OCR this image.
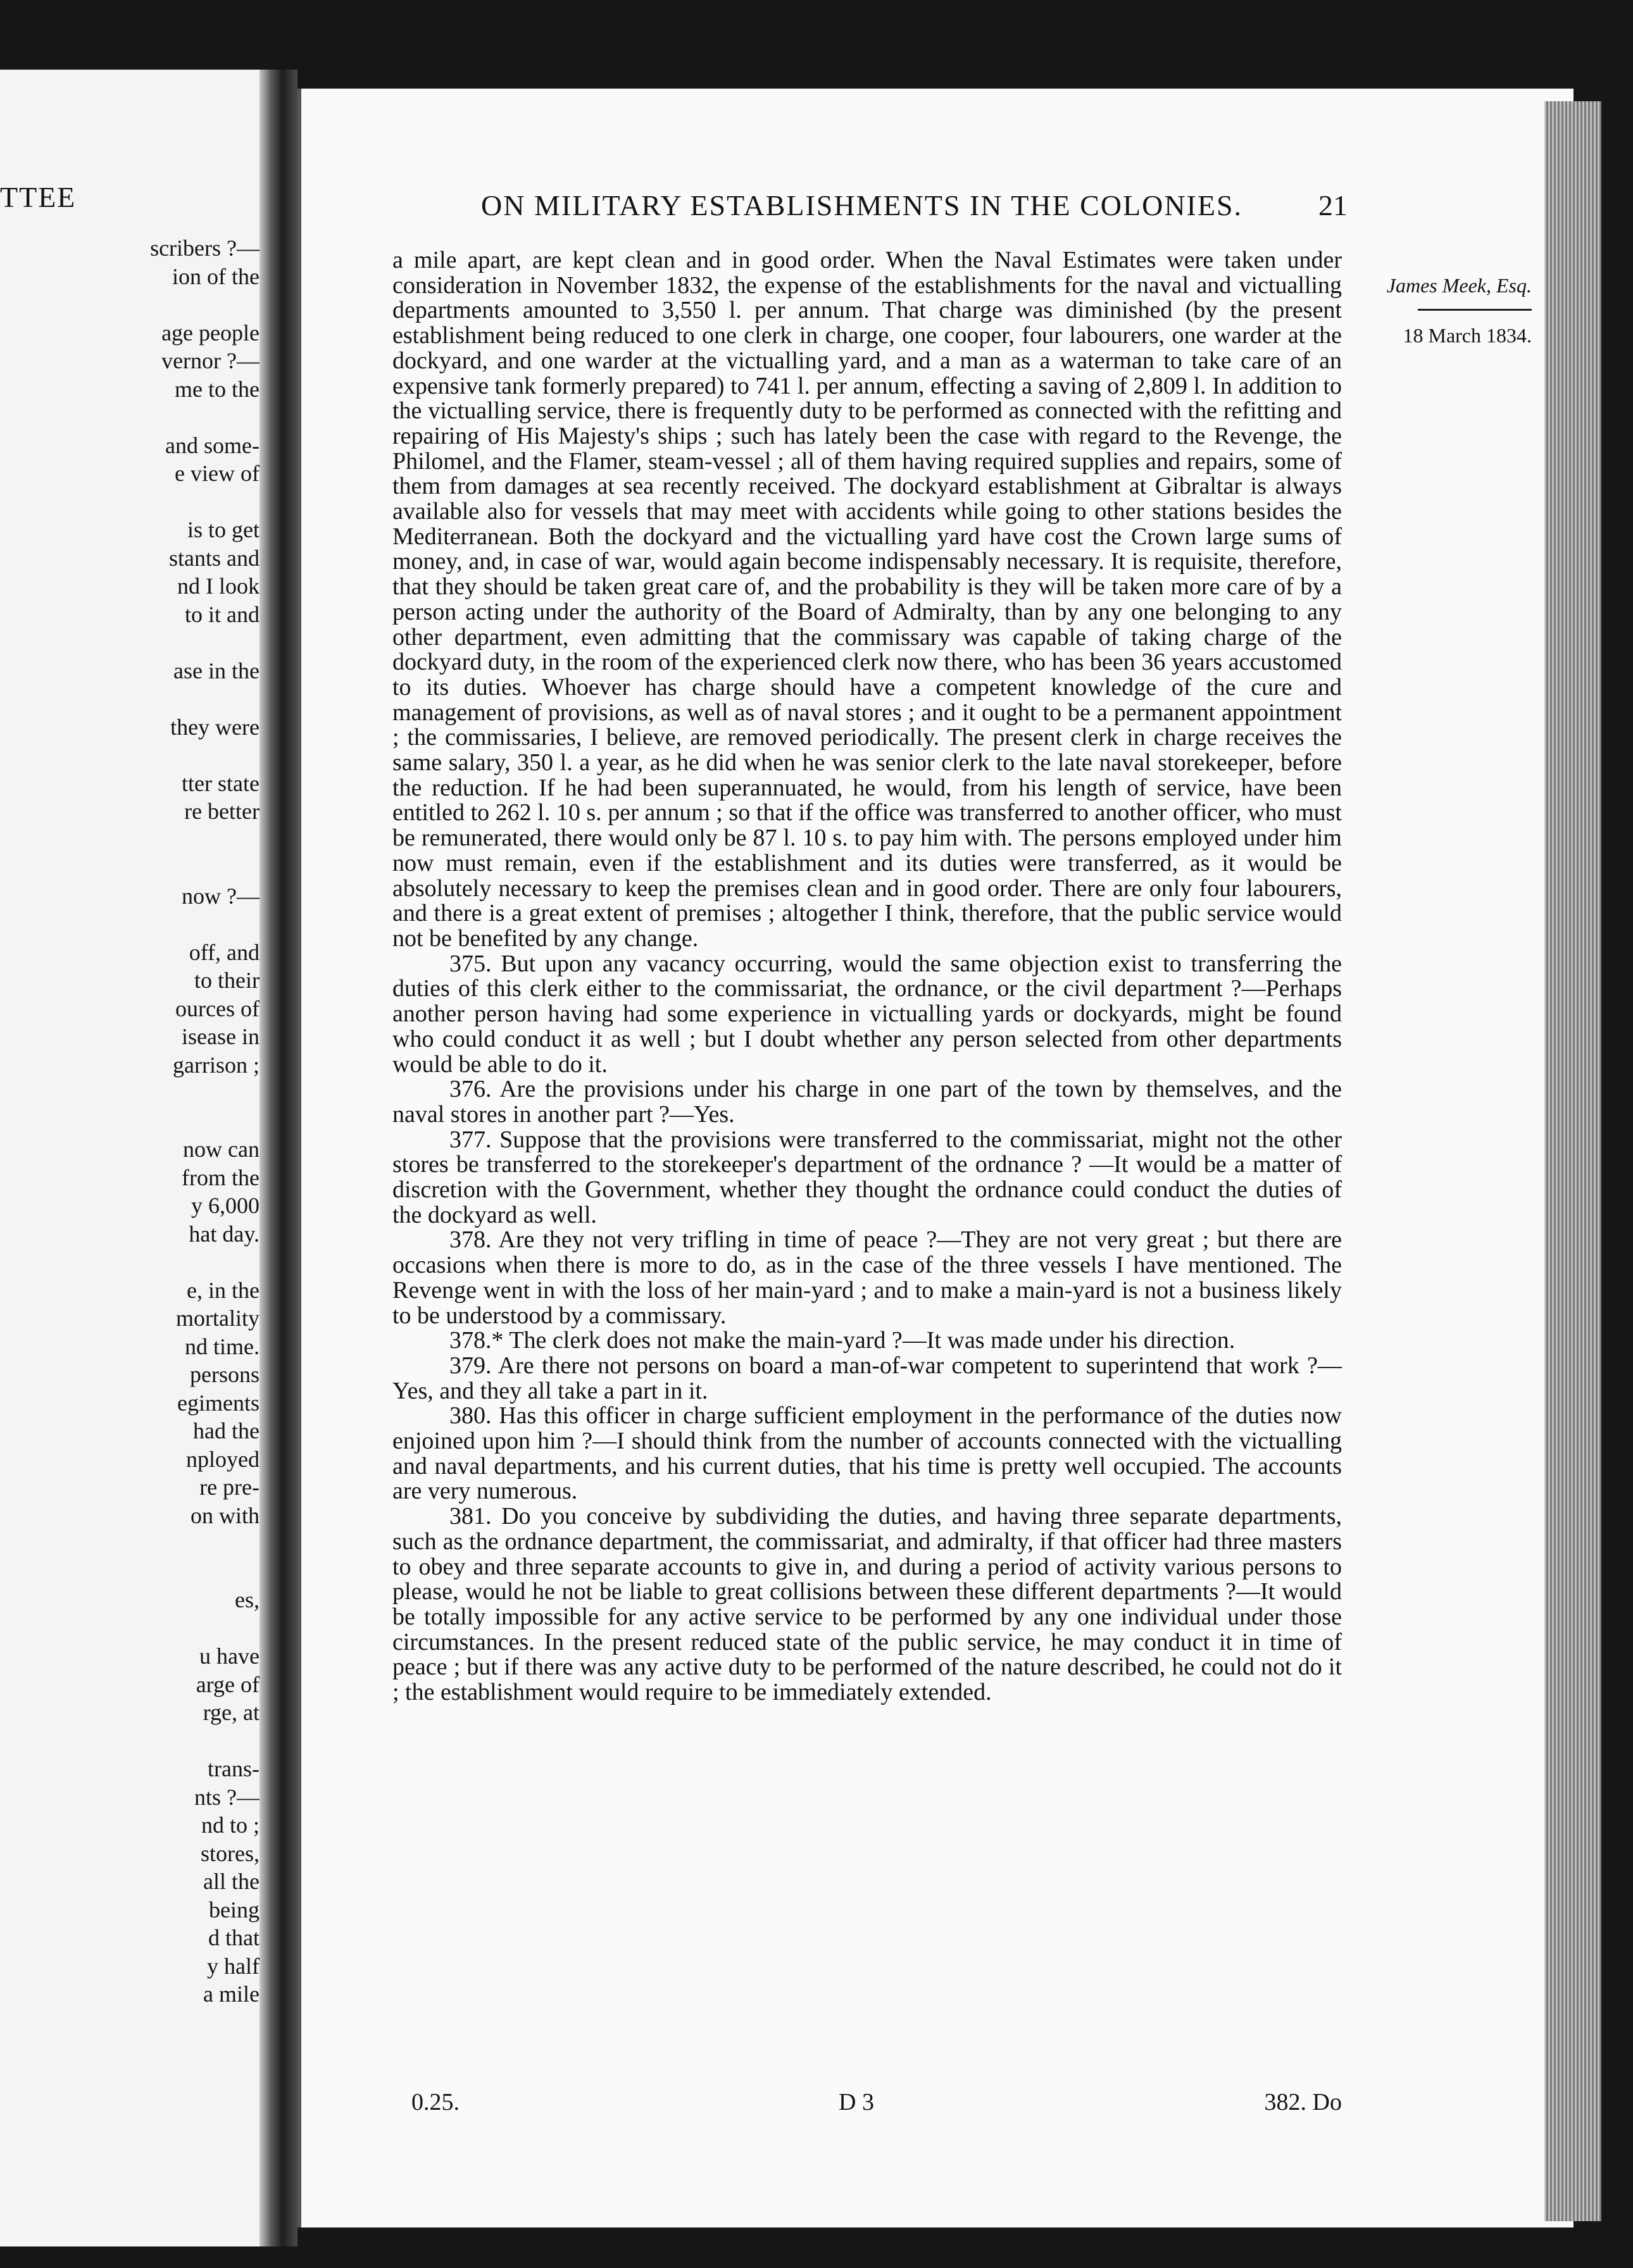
TTEE
scribers ?—
ion of the
age people
vernor ?—
me to the
and some-
e view of
is to get
stants and
nd I look
to it and
ase in the
they were
tter state
re better
now ?—
off, and
to their
ources of
isease in
garrison ;
now can
from the
y 6,000
hat day.
e, in the
mortality
nd time.
persons
egiments
had the
nployed
re pre-
on with
es,
u have
arge of
rge, at
trans-
nts ?—
nd to ;
stores,
all the
being
d that
y half
a mile
ON MILITARY ESTABLISHMENTS IN THE COLONIES.	21
James Meek, Esq.
18 March 1834.

a mile apart, are kept clean and in good order. When the Naval Estimates were taken under consideration in November 1832, the expense of the establishments for the naval and victualling departments amounted to 3,550 l. per annum. That charge was diminished (by the present establishment being reduced to one clerk in charge, one cooper, four labourers, one warder at the dockyard, and one warder at the victualling yard, and a man as a waterman to take care of an expensive tank formerly prepared) to 741 l. per annum, effecting a saving of 2,809 l. In addition to the victualling service, there is frequently duty to be performed as connected with the refitting and repairing of His Majesty's ships ; such has lately been the case with regard to the Revenge, the Philomel, and the Flamer, steam-vessel ; all of them having required supplies and repairs, some of them from damages at sea recently received. The dockyard establishment at Gibraltar is always available also for vessels that may meet with accidents while going to other stations besides the Mediterranean. Both the dockyard and the victualling yard have cost the Crown large sums of money, and, in case of war, would again become indispensably necessary. It is requisite, therefore, that they should be taken great care of, and the probability is they will be taken more care of by a person acting under the authority of the Board of Admiralty, than by any one belonging to any other department, even admitting that the commissary was capable of taking charge of the dockyard duty, in the room of the experienced clerk now there, who has been 36 years accustomed to its duties. Whoever has charge should have a competent knowledge of the cure and management of provisions, as well as of naval stores ; and it ought to be a permanent appointment ; the commissaries, I believe, are removed periodically. The present clerk in charge receives the same salary, 350 l. a year, as he did when he was senior clerk to the late naval storekeeper, before the reduction. If he had been superannuated, he would, from his length of service, have been entitled to 262 l. 10 s. per annum ; so that if the office was transferred to another officer, who must be remunerated, there would only be 87 l. 10 s. to pay him with. The persons employed under him now must remain, even if the establishment and its duties were transferred, as it would be absolutely necessary to keep the premises clean and in good order. There are only four labourers, and there is a great extent of premises ; altogether I think, therefore, that the public service would not be benefited by any change.

375. But upon any vacancy occurring, would the same objection exist to transferring the duties of this clerk either to the commissariat, the ordnance, or the civil department ?—Perhaps another person having had some experience in victualling yards or dockyards, might be found who could conduct it as well ; but I doubt whether any person selected from other departments would be able to do it.

376. Are the provisions under his charge in one part of the town by themselves, and the naval stores in another part ?—Yes.

377. Suppose that the provisions were transferred to the commissariat, might not the other stores be transferred to the storekeeper's department of the ordnance ? —It would be a matter of discretion with the Government, whether they thought the ordnance could conduct the duties of the dockyard as well.

378. Are they not very trifling in time of peace ?—They are not very great ; but there are occasions when there is more to do, as in the case of the three vessels I have mentioned. The Revenge went in with the loss of her main-yard ; and to make a main-yard is not a business likely to be understood by a commissary.

378.* The clerk does not make the main-yard ?—It was made under his direction.

379. Are there not persons on board a man-of-war competent to superintend that work ?—Yes, and they all take a part in it.

380. Has this officer in charge sufficient employment in the performance of the duties now enjoined upon him ?—I should think from the number of accounts connected with the victualling and naval departments, and his current duties, that his time is pretty well occupied. The accounts are very numerous.

381. Do you conceive by subdividing the duties, and having three separate departments, such as the ordnance department, the commissariat, and admiralty, if that officer had three masters to obey and three separate accounts to give in, and during a period of activity various persons to please, would he not be liable to great collisions between these different departments ?—It would be totally impossible for any active service to be performed by any one individual under those circumstances. In the present reduced state of the public service, he may conduct it in time of peace ; but if there was any active duty to be performed of the nature described, he could not do it ; the establishment would require to be immediately extended.

0.25.	D 3	382. Do
